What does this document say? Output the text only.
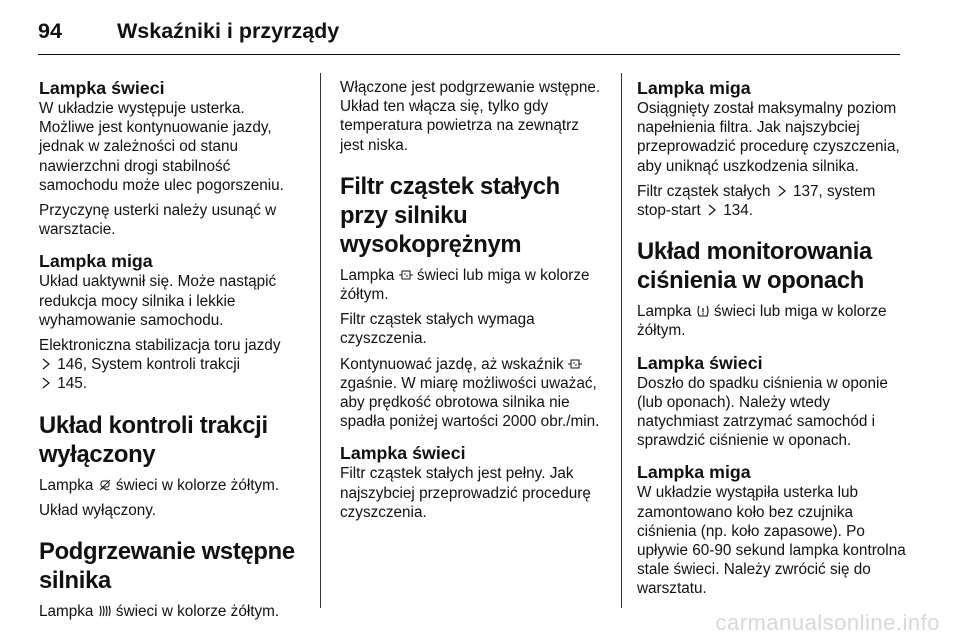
94	Wskaźniki i przyrządy
Lampka świeci

W układzie występuje usterka. Możliwe jest kontynuowanie jazdy, jednak w zależności od stanu nawierzchni drogi stabilność samochodu może ulec pogorszeniu.

Przyczynę usterki należy usunąć w warsztacie.

Lampka miga

Układ uaktywnił się. Może nastąpić redukcja mocy silnika i lekkie wyhamowanie samochodu.

Elektroniczna stabilizacja toru jazdy

146, System kontroli trakcji

145.

Układ kontroli trakcji wyłączony

Lampka świeci w kolorze żółtym.

Układ wyłączony.

Podgrzewanie wstępne silnika

Lampka świeci w kolorze żółtym.

Włączone jest podgrzewanie wstępne. Układ ten włącza się, tylko gdy temperatura powietrza na zewnątrz jest niska.

Filtr cząstek stałych przy silniku wysokoprężnym

Lampka świeci lub miga w kolorze żółtym.

Filtr cząstek stałych wymaga czyszczenia.

Kontynuować jazdę, aż wskaźnik
zgaśnie. W miarę możliwości uważać, aby prędkość obrotowa silnika nie spadła poniżej wartości 2000 obr./min.

Lampka świeci

Filtr cząstek stałych jest pełny. Jak najszybciej przeprowadzić procedurę czyszczenia.

Lampka miga

Osiągnięty został maksymalny poziom napełnienia filtra. Jak najszybciej przeprowadzić procedurę czyszczenia, aby uniknąć uszkodzenia silnika.

Filtr cząstek stałych 137, system stop-start 134.

Układ monitorowania ciśnienia w oponach

Lampka świeci lub miga w kolorze żółtym.

Lampka świeci

Doszło do spadku ciśnienia w oponie (lub oponach). Należy wtedy natychmiast zatrzymać samochód i sprawdzić ciśnienie w oponach.

Lampka miga

W układzie wystąpiła usterka lub zamontowano koło bez czujnika ciśnienia (np. koło zapasowe). Po upływie 60-90 sekund lampka kontrolna stale świeci. Należy zwrócić się do warsztatu.

carmanualsonline.info
